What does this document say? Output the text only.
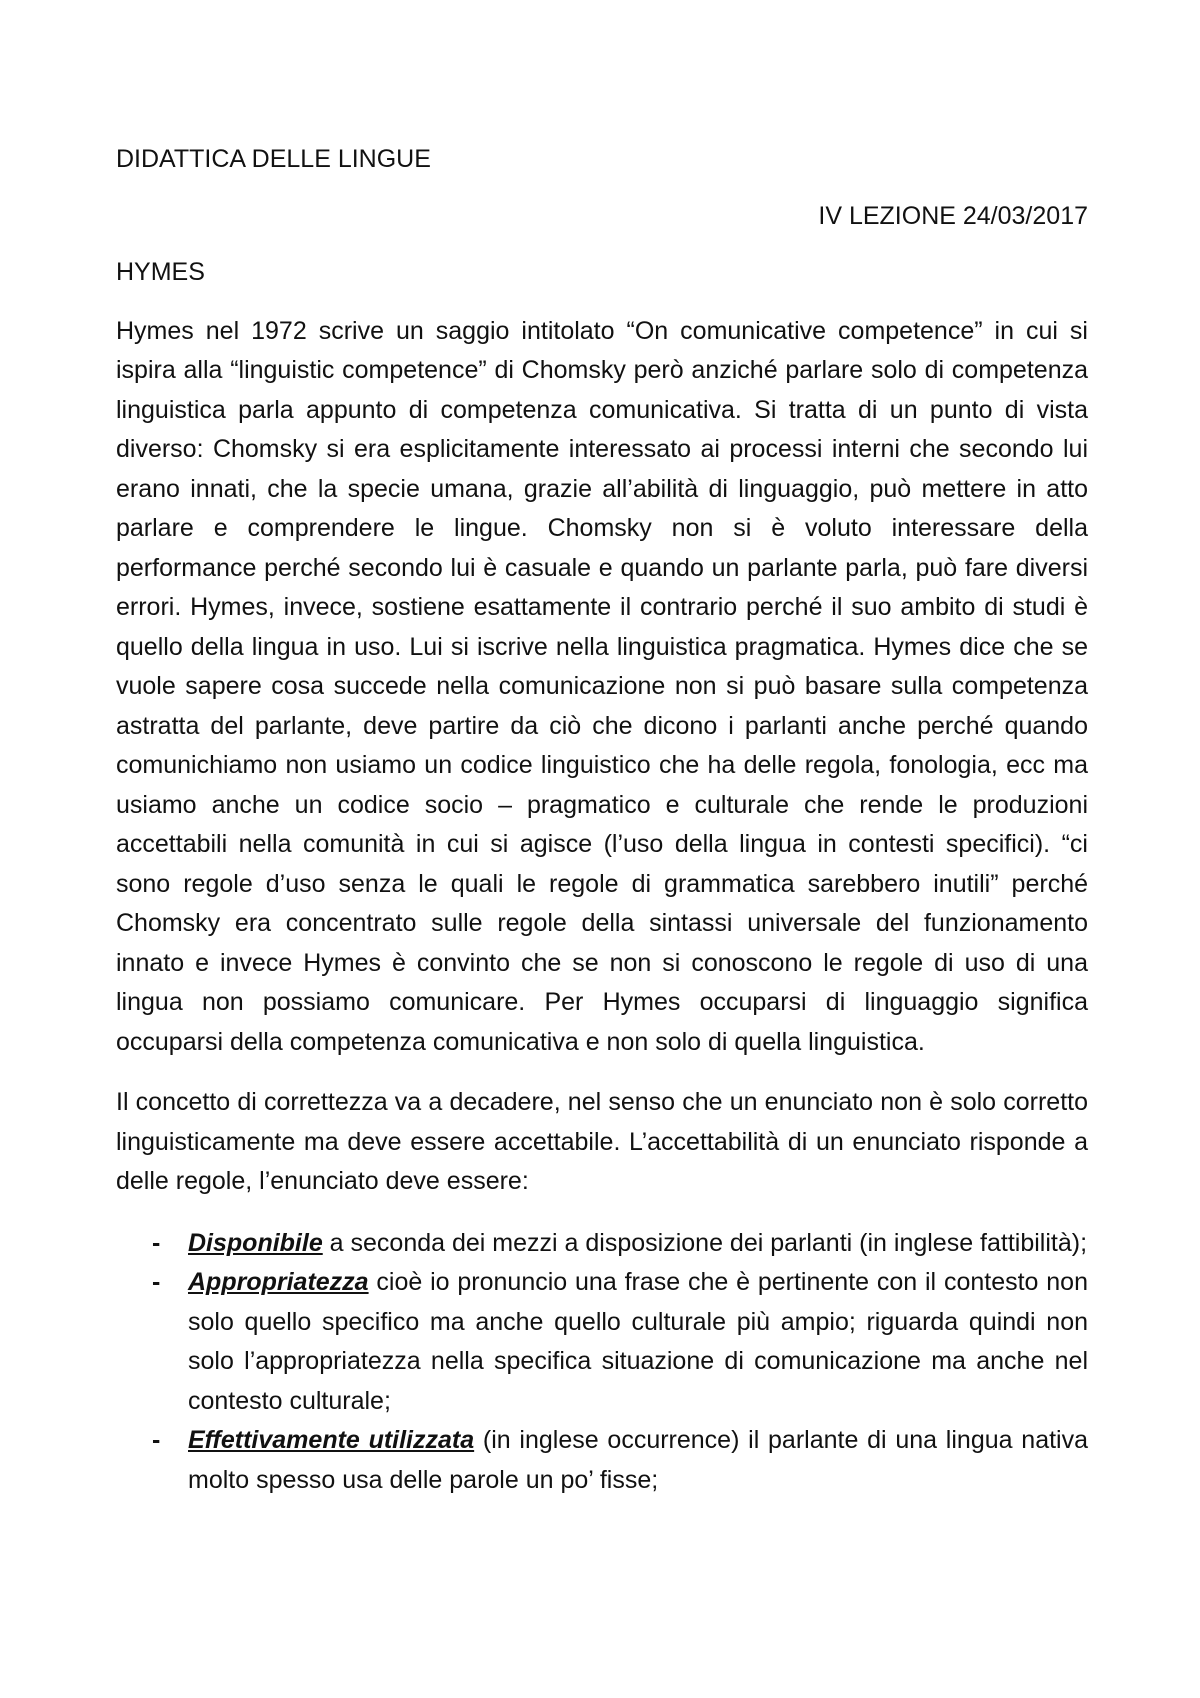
DIDATTICA DELLE LINGUE
IV LEZIONE 24/03/2017
HYMES

Hymes nel 1972 scrive un saggio intitolato “On comunicative competence” in cui si ispira alla “linguistic competence” di Chomsky però anziché parlare solo di competenza linguistica parla appunto di competenza comunicativa. Si tratta di un punto di vista diverso: Chomsky si era esplicitamente interessato ai processi interni che secondo lui erano innati, che la specie umana, grazie all’abilità di linguaggio, può mettere in atto parlare e comprendere le lingue. Chomsky non si è voluto interessare della performance perché secondo lui è casuale e quando un parlante parla, può fare diversi errori. Hymes, invece, sostiene esattamente il contrario perché il suo ambito di studi è quello della lingua in uso. Lui si iscrive nella linguistica pragmatica. Hymes dice che se vuole sapere cosa succede nella comunicazione non si può basare sulla competenza astratta del parlante, deve partire da ciò che dicono i parlanti anche perché quando comunichiamo non usiamo un codice linguistico che ha delle regola, fonologia, ecc ma usiamo anche un codice socio – pragmatico e culturale che rende le produzioni accettabili nella comunità in cui si agisce (l’uso della lingua in contesti specifici). “ci sono regole d’uso senza le quali le regole di grammatica sarebbero inutili” perché Chomsky era concentrato sulle regole della sintassi universale del funzionamento innato e invece Hymes è convinto che se non si conoscono le regole di uso di una lingua non possiamo comunicare. Per Hymes occuparsi di linguaggio significa occuparsi della competenza comunicativa e non solo di quella linguistica.

Il concetto di correttezza va a decadere, nel senso che un enunciato non è solo corretto linguisticamente ma deve essere accettabile. L’accettabilità di un enunciato risponde a delle regole, l’enunciato deve essere:

- Disponibile a seconda dei mezzi a disposizione dei parlanti (in inglese fattibilità);
- Appropriatezza cioè io pronuncio una frase che è pertinente con il contesto non solo quello specifico ma anche quello culturale più ampio; riguarda quindi non solo l’appropriatezza nella specifica situazione di comunicazione ma anche nel contesto culturale;
- Effettivamente utilizzata (in inglese occurrence) il parlante di una lingua nativa molto spesso usa delle parole un po’ fisse;
